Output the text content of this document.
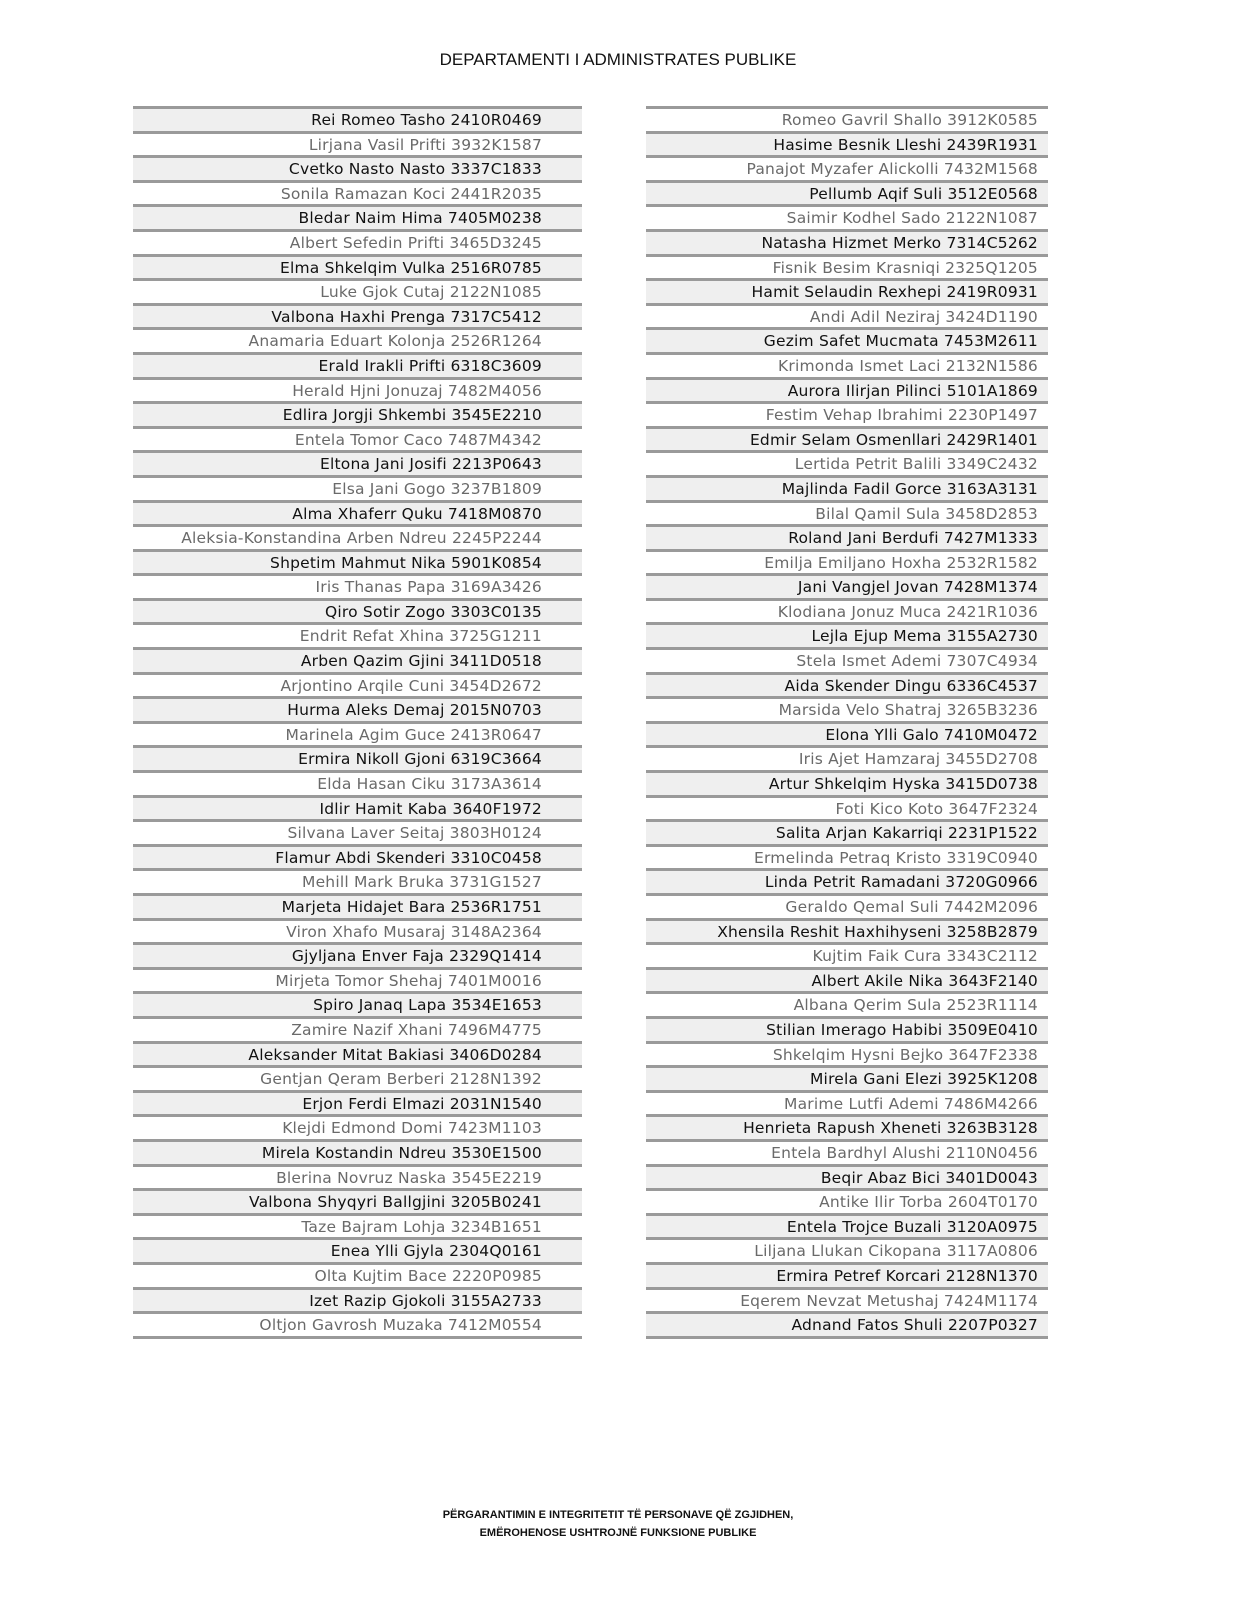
DEPARTAMENTI I ADMINISTRATES PUBLIKE
Rei Romeo Tasho 2410R0469
Lirjana Vasil Prifti 3932K1587
Cvetko Nasto Nasto 3337C1833
Sonila Ramazan Koci 2441R2035
Bledar Naim Hima 7405M0238
Albert Sefedin Prifti 3465D3245
Elma Shkelqim Vulka 2516R0785
Luke Gjok Cutaj 2122N1085
Valbona Haxhi Prenga 7317C5412
Anamaria Eduart Kolonja 2526R1264
Erald Irakli Prifti 6318C3609
Herald Hjni Jonuzaj 7482M4056
Edlira Jorgji Shkembi 3545E2210
Entela Tomor Caco 7487M4342
Eltona Jani Josifi 2213P0643
Elsa Jani Gogo 3237B1809
Alma Xhaferr Quku 7418M0870
Aleksia-Konstandina Arben Ndreu 2245P2244
Shpetim Mahmut Nika 5901K0854
Iris Thanas Papa 3169A3426
Qiro Sotir Zogo 3303C0135
Endrit Refat Xhina 3725G1211
Arben Qazim Gjini 3411D0518
Arjontino Arqile Cuni 3454D2672
Hurma Aleks Demaj 2015N0703
Marinela Agim Guce 2413R0647
Ermira Nikoll Gjoni 6319C3664
Elda Hasan Ciku 3173A3614
Idlir Hamit Kaba 3640F1972
Silvana Laver Seitaj 3803H0124
Flamur Abdi Skenderi 3310C0458
Mehill Mark Bruka 3731G1527
Marjeta Hidajet Bara 2536R1751
Viron Xhafo Musaraj 3148A2364
Gjyljana Enver Faja 2329Q1414
Mirjeta Tomor Shehaj 7401M0016
Spiro Janaq Lapa 3534E1653
Zamire Nazif Xhani 7496M4775
Aleksander Mitat Bakiasi 3406D0284
Gentjan Qeram Berberi 2128N1392
Erjon Ferdi Elmazi 2031N1540
Klejdi Edmond Domi 7423M1103
Mirela Kostandin Ndreu 3530E1500
Blerina Novruz Naska 3545E2219
Valbona Shyqyri Ballgjini 3205B0241
Taze Bajram Lohja 3234B1651
Enea Ylli Gjyla 2304Q0161
Olta Kujtim Bace 2220P0985
Izet Razip Gjokoli 3155A2733
Oltjon Gavrosh Muzaka 7412M0554
Romeo Gavril Shallo 3912K0585
Hasime Besnik Lleshi 2439R1931
Panajot Myzafer Alickolli 7432M1568
Pellumb Aqif Suli 3512E0568
Saimir Kodhel Sado 2122N1087
Natasha Hizmet Merko 7314C5262
Fisnik Besim Krasniqi 2325Q1205
Hamit Selaudin Rexhepi 2419R0931
Andi Adil Neziraj 3424D1190
Gezim Safet Mucmata 7453M2611
Krimonda Ismet Laci 2132N1586
Aurora Ilirjan Pilinci 5101A1869
Festim Vehap Ibrahimi 2230P1497
Edmir Selam Osmenllari 2429R1401
Lertida Petrit Balili 3349C2432
Majlinda Fadil Gorce 3163A3131
Bilal Qamil Sula 3458D2853
Roland Jani Berdufi 7427M1333
Emilja Emiljano Hoxha 2532R1582
Jani Vangjel Jovan 7428M1374
Klodiana Jonuz Muca 2421R1036
Lejla Ejup Mema 3155A2730
Stela Ismet Ademi 7307C4934
Aida Skender Dingu 6336C4537
Marsida Velo Shatraj 3265B3236
Elona Ylli Galo 7410M0472
Iris Ajet Hamzaraj 3455D2708
Artur Shkelqim Hyska 3415D0738
Foti Kico Koto 3647F2324
Salita Arjan Kakarriqi 2231P1522
Ermelinda Petraq Kristo 3319C0940
Linda Petrit Ramadani 3720G0966
Geraldo Qemal Suli 7442M2096
Xhensila Reshit Haxhihyseni 3258B2879
Kujtim Faik Cura 3343C2112
Albert Akile Nika 3643F2140
Albana Qerim Sula 2523R1114
Stilian Imerago Habibi 3509E0410
Shkelqim Hysni Bejko 3647F2338
Mirela Gani Elezi 3925K1208
Marime Lutfi Ademi 7486M4266
Henrieta Rapush Xheneti 3263B3128
Entela Bardhyl Alushi 2110N0456
Beqir Abaz Bici 3401D0043
Antike Ilir Torba 2604T0170
Entela Trojce Buzali 3120A0975
Liljana Llukan Cikopana 3117A0806
Ermira Petref Korcari 2128N1370
Eqerem Nevzat Metushaj 7424M1174
Adnand Fatos Shuli 2207P0327
PËRGARANTIMIN E INTEGRITETIT TË PERSONAVE QË ZGJIDHEN,
EMËROHENOSE USHTROJNË FUNKSIONE PUBLIKE
